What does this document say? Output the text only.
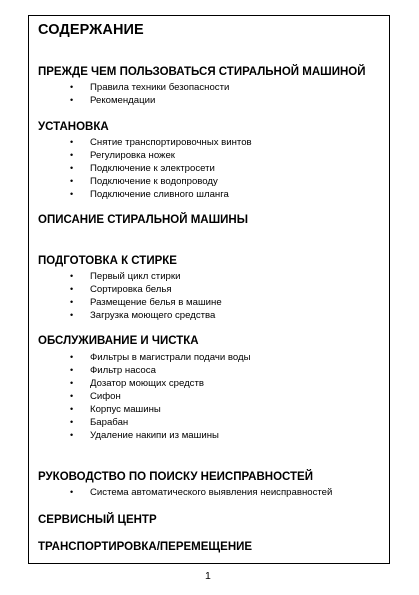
СОДЕРЖАНИЕ
ПРЕЖДЕ ЧЕМ ПОЛЬЗОВАТЬСЯ СТИРАЛЬНОЙ МАШИНОЙ
• Правила техники безопасности
• Рекомендации
УСТАНОВКА
• Снятие транспортировочных винтов
• Регулировка ножек
• Подключение к электросети
• Подключение к водопроводу
• Подключение сливного шланга
ОПИСАНИЕ СТИРАЛЬНОЙ МАШИНЫ
ПОДГОТОВКА К СТИРКЕ
• Первый цикл стирки
• Сортировка белья
• Размещение белья в машине
• Загрузка моющего средства
ОБСЛУЖИВАНИЕ И ЧИСТКА
• Фильтры в магистрали подачи воды
• Фильтр насоса
• Дозатор моющих средств
• Сифон
• Корпус машины
• Барабан
• Удаление накипи из машины
РУКОВОДСТВО ПО ПОИСКУ НЕИСПРАВНОСТЕЙ
• Система автоматического выявления неисправностей
СЕРВИСНЫЙ ЦЕНТР
ТРАНСПОРТИРОВКА/ПЕРЕМЕЩЕНИЕ
1
